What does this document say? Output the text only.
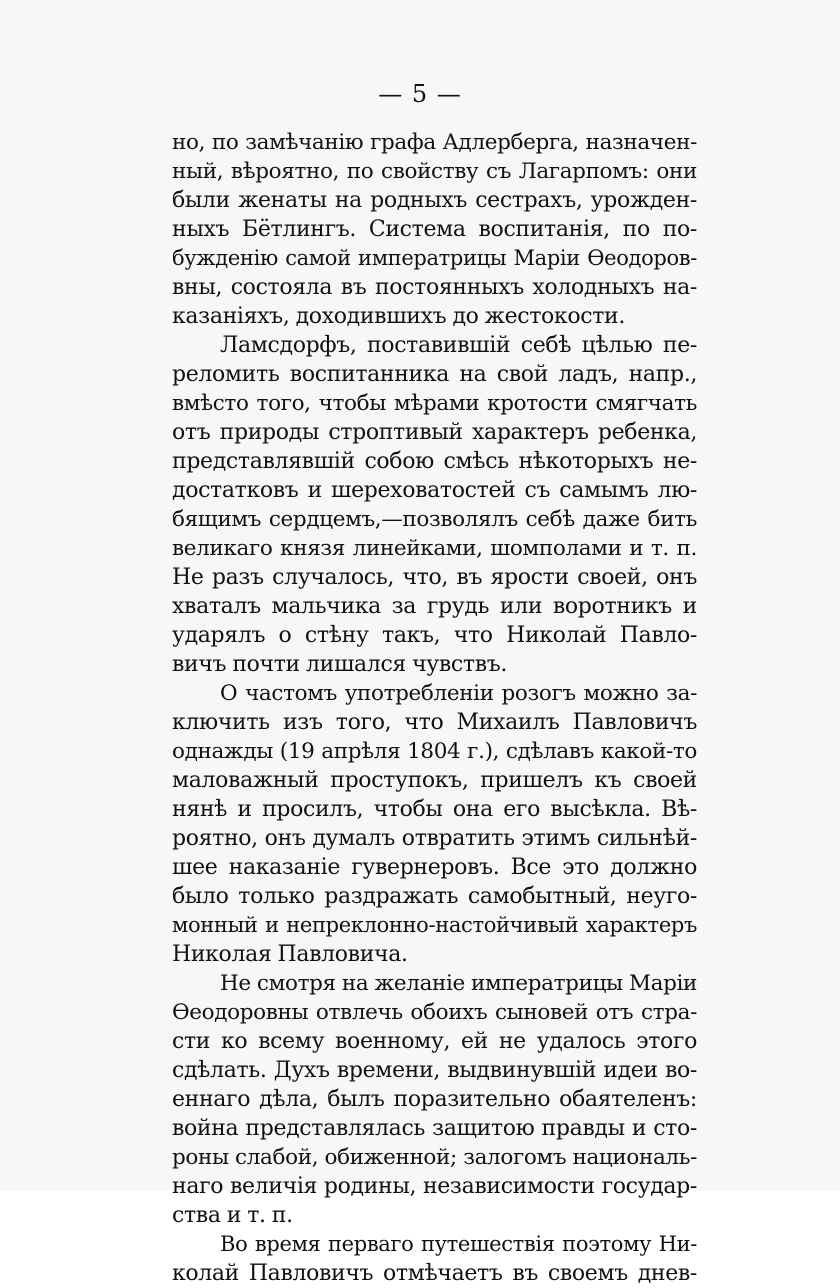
— 5 —
но, по замѣчанію графа Адлерберга, назначен-
ный, вѣроятно, по свойству съ Лагарпомъ: они
были женаты на родныхъ сестрахъ, урожден-
ныхъ Бётлингъ. Система воспитанія, по по-
бужденію самой императрицы Маріи Ѳеодоров-
вны, состояла въ постоянныхъ холодныхъ на-
казаніяхъ, доходившихъ до жестокости.
Ламсдорфъ, поставившій себѣ цѣлью пе-
реломить воспитанника на свой ладъ, напр.,
вмѣсто того, чтобы мѣрами кротости смягчать
отъ природы строптивый характеръ ребенка,
представлявшій собою смѣсь нѣкоторыхъ не-
достатковъ и шереховатостей съ самымъ лю-
бящимъ сердцемъ,—позволялъ себѣ даже бить
великаго князя линейками, шомполами и т. п.
Не разъ случалось, что, въ ярости своей, онъ
хваталъ мальчика за грудь или воротникъ и
ударялъ о стѣну такъ, что Николай Павло-
вичъ почти лишался чувствъ.
О частомъ употребленіи розогъ можно за-
ключить изъ того, что Михаилъ Павловичъ
однажды (19 апрѣля 1804 г.), сдѣлавъ какой-то
маловажный проступокъ, пришелъ къ своей
нянѣ и просилъ, чтобы она его высѣкла. Вѣ-
роятно, онъ думалъ отвратить этимъ сильнѣй-
шее наказаніе гувернеровъ. Все это должно
было только раздражать самобытный, неуго-
монный и непреклонно-настойчивый характеръ
Николая Павловича.
Не смотря на желаніе императрицы Маріи
Ѳеодоровны отвлечь обоихъ сыновей отъ стра-
сти ко всему военному, ей не удалось этого
сдѣлать. Духъ времени, выдвинувшій идеи во-
еннаго дѣла, былъ поразительно обаятеленъ:
война представлялась защитою правды и сто-
роны слабой, обиженной; залогомъ националь-
наго величія родины, независимости государ-
ства и т. п.
Во время перваго путешествія поэтому Ни-
колай Павловичъ отмѣчаетъ въ своемъ днев-
